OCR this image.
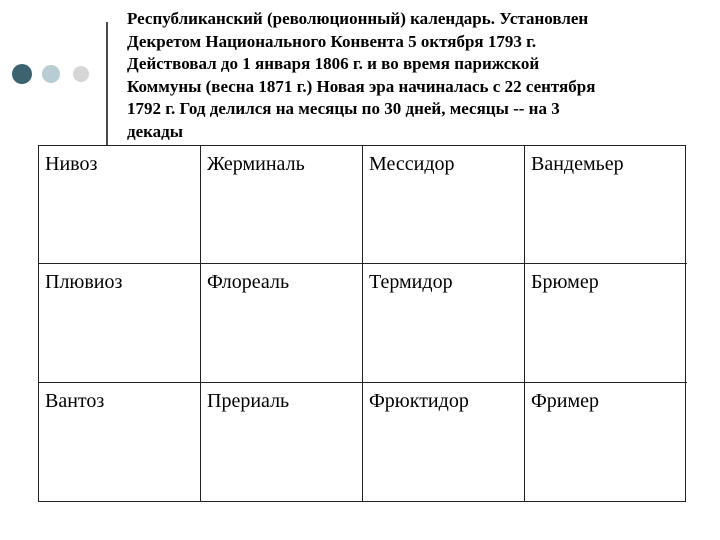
Республиканский (революционный) календарь. Установлен
Декретом Национального Конвента 5 октября 1793 г.
Действовал до 1 января 1806 г. и во время парижской
Коммуны (весна 1871 г.) Новая эра начиналась с 22 сентября
1792 г. Год делился на месяцы по 30 дней, месяцы -- на 3
декады
Нивоз	Жерминаль	Мессидор	Вандемьер
Плювиоз	Флореаль	Термидор	Брюмер
Вантоз	Прериаль	Фрюктидор	Фример
